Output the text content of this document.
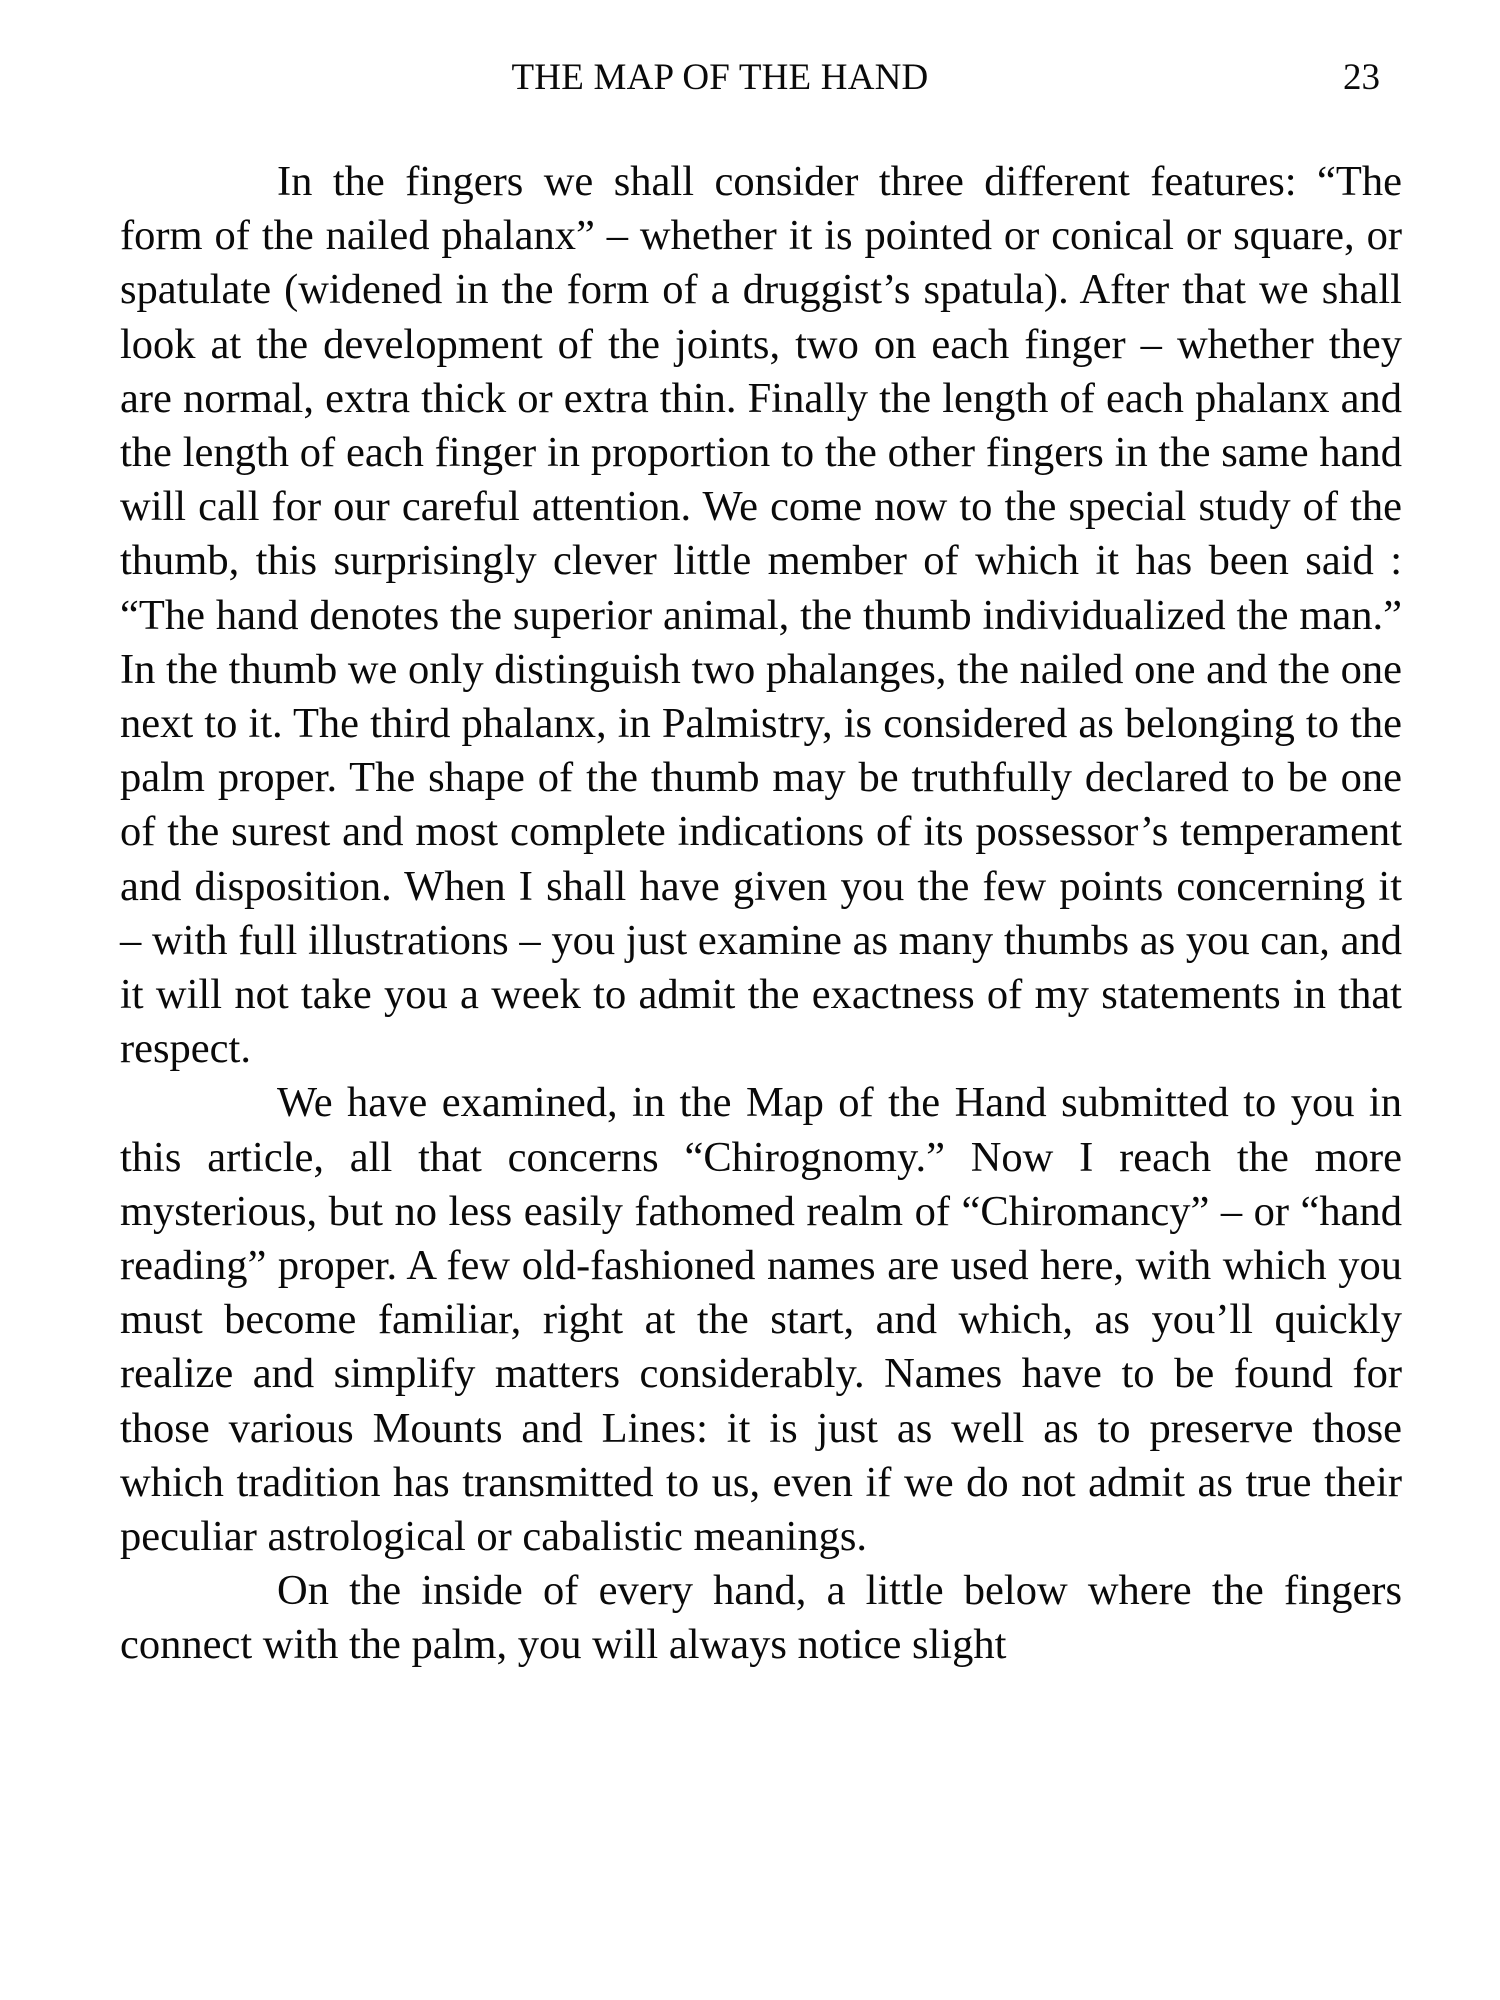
THE MAP OF THE HAND	23

In the fingers we shall consider three different features: “The form of the nailed phalanx” – whether it is pointed or conical or square, or spatulate (widened in the form of a druggist’s spatula). After that we shall look at the development of the joints, two on each finger – whether they are normal, extra thick or extra thin. Finally the length of each phalanx and the length of each finger in proportion to the other fingers in the same hand will call for our careful attention. We come now to the special study of the thumb, this surprisingly clever little member of which it has been said : “The hand denotes the superior animal, the thumb individualized the man.” In the thumb we only distinguish two phalanges, the nailed one and the one next to it. The third phalanx, in Palmistry, is considered as belonging to the palm proper. The shape of the thumb may be truthfully declared to be one of the surest and most complete indications of its possessor’s temperament and disposition. When I shall have given you the few points concerning it – with full illustrations – you just examine as many thumbs as you can, and it will not take you a week to admit the exactness of my statements in that respect.

We have examined, in the Map of the Hand submitted to you in this article, all that concerns “Chirognomy.” Now I reach the more mysterious, but no less easily fathomed realm of “Chiromancy” – or “hand reading” proper. A few old-fashioned names are used here, with which you must become familiar, right at the start, and which, as you’ll quickly realize and simplify matters considerably. Names have to be found for those various Mounts and Lines: it is just as well as to preserve those which tradition has transmitted to us, even if we do not admit as true their peculiar astrological or cabalistic meanings.

On the inside of every hand, a little below where the fingers connect with the palm, you will always notice slight
